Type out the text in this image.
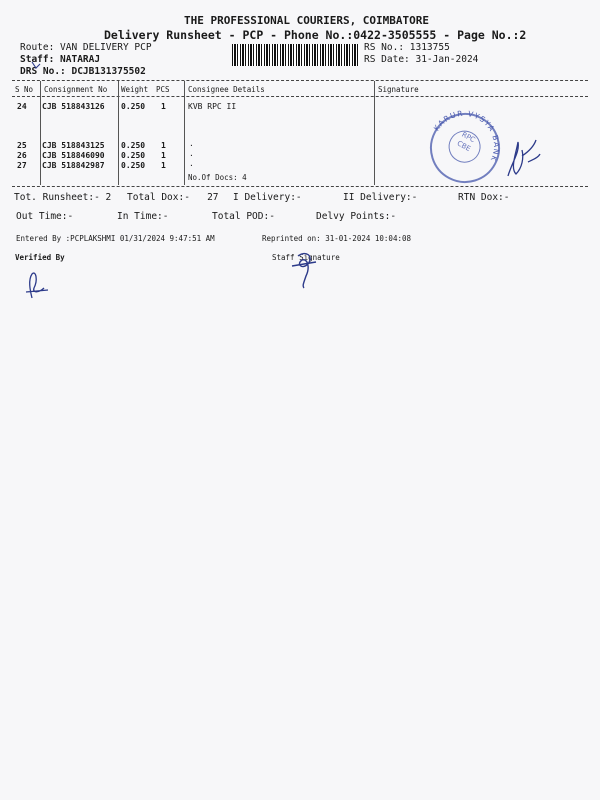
THE PROFESSIONAL COURIERS, COIMBATORE
Delivery Runsheet - PCP - Phone No.:0422-3505555 - Page No.:2
Route: VAN DELIVERY PCP
Staff: NATARAJ
DRS No.: DCJB131375502
RS No.: 1313755
RS Date: 31-Jan-2024
S No Consignment No Weight PCS Consignee Details	Signature
24 CJB 518843126 0.250 1	KVB RPC II
25 CJB 518843125 0.250 1	.
26 CJB 518846090 0.250 1	.
27 CJB 518842987 0.250 1	.
No.Of Docs: 4
RPC
CBE
KARUR VYSYA BANK
Tot. Runsheet:- 2 Total Dox:-   27 I Delivery:-	II Delivery:-	RTN Dox:-
Out Time:-	In Time:-	Total POD:-	Delvy Points:-
Entered By :PCPLAKSHMI 01/31/2024 9:47:51 AM	Reprinted on: 31-01-2024 10:04:08
Verified By	Staff Signature
